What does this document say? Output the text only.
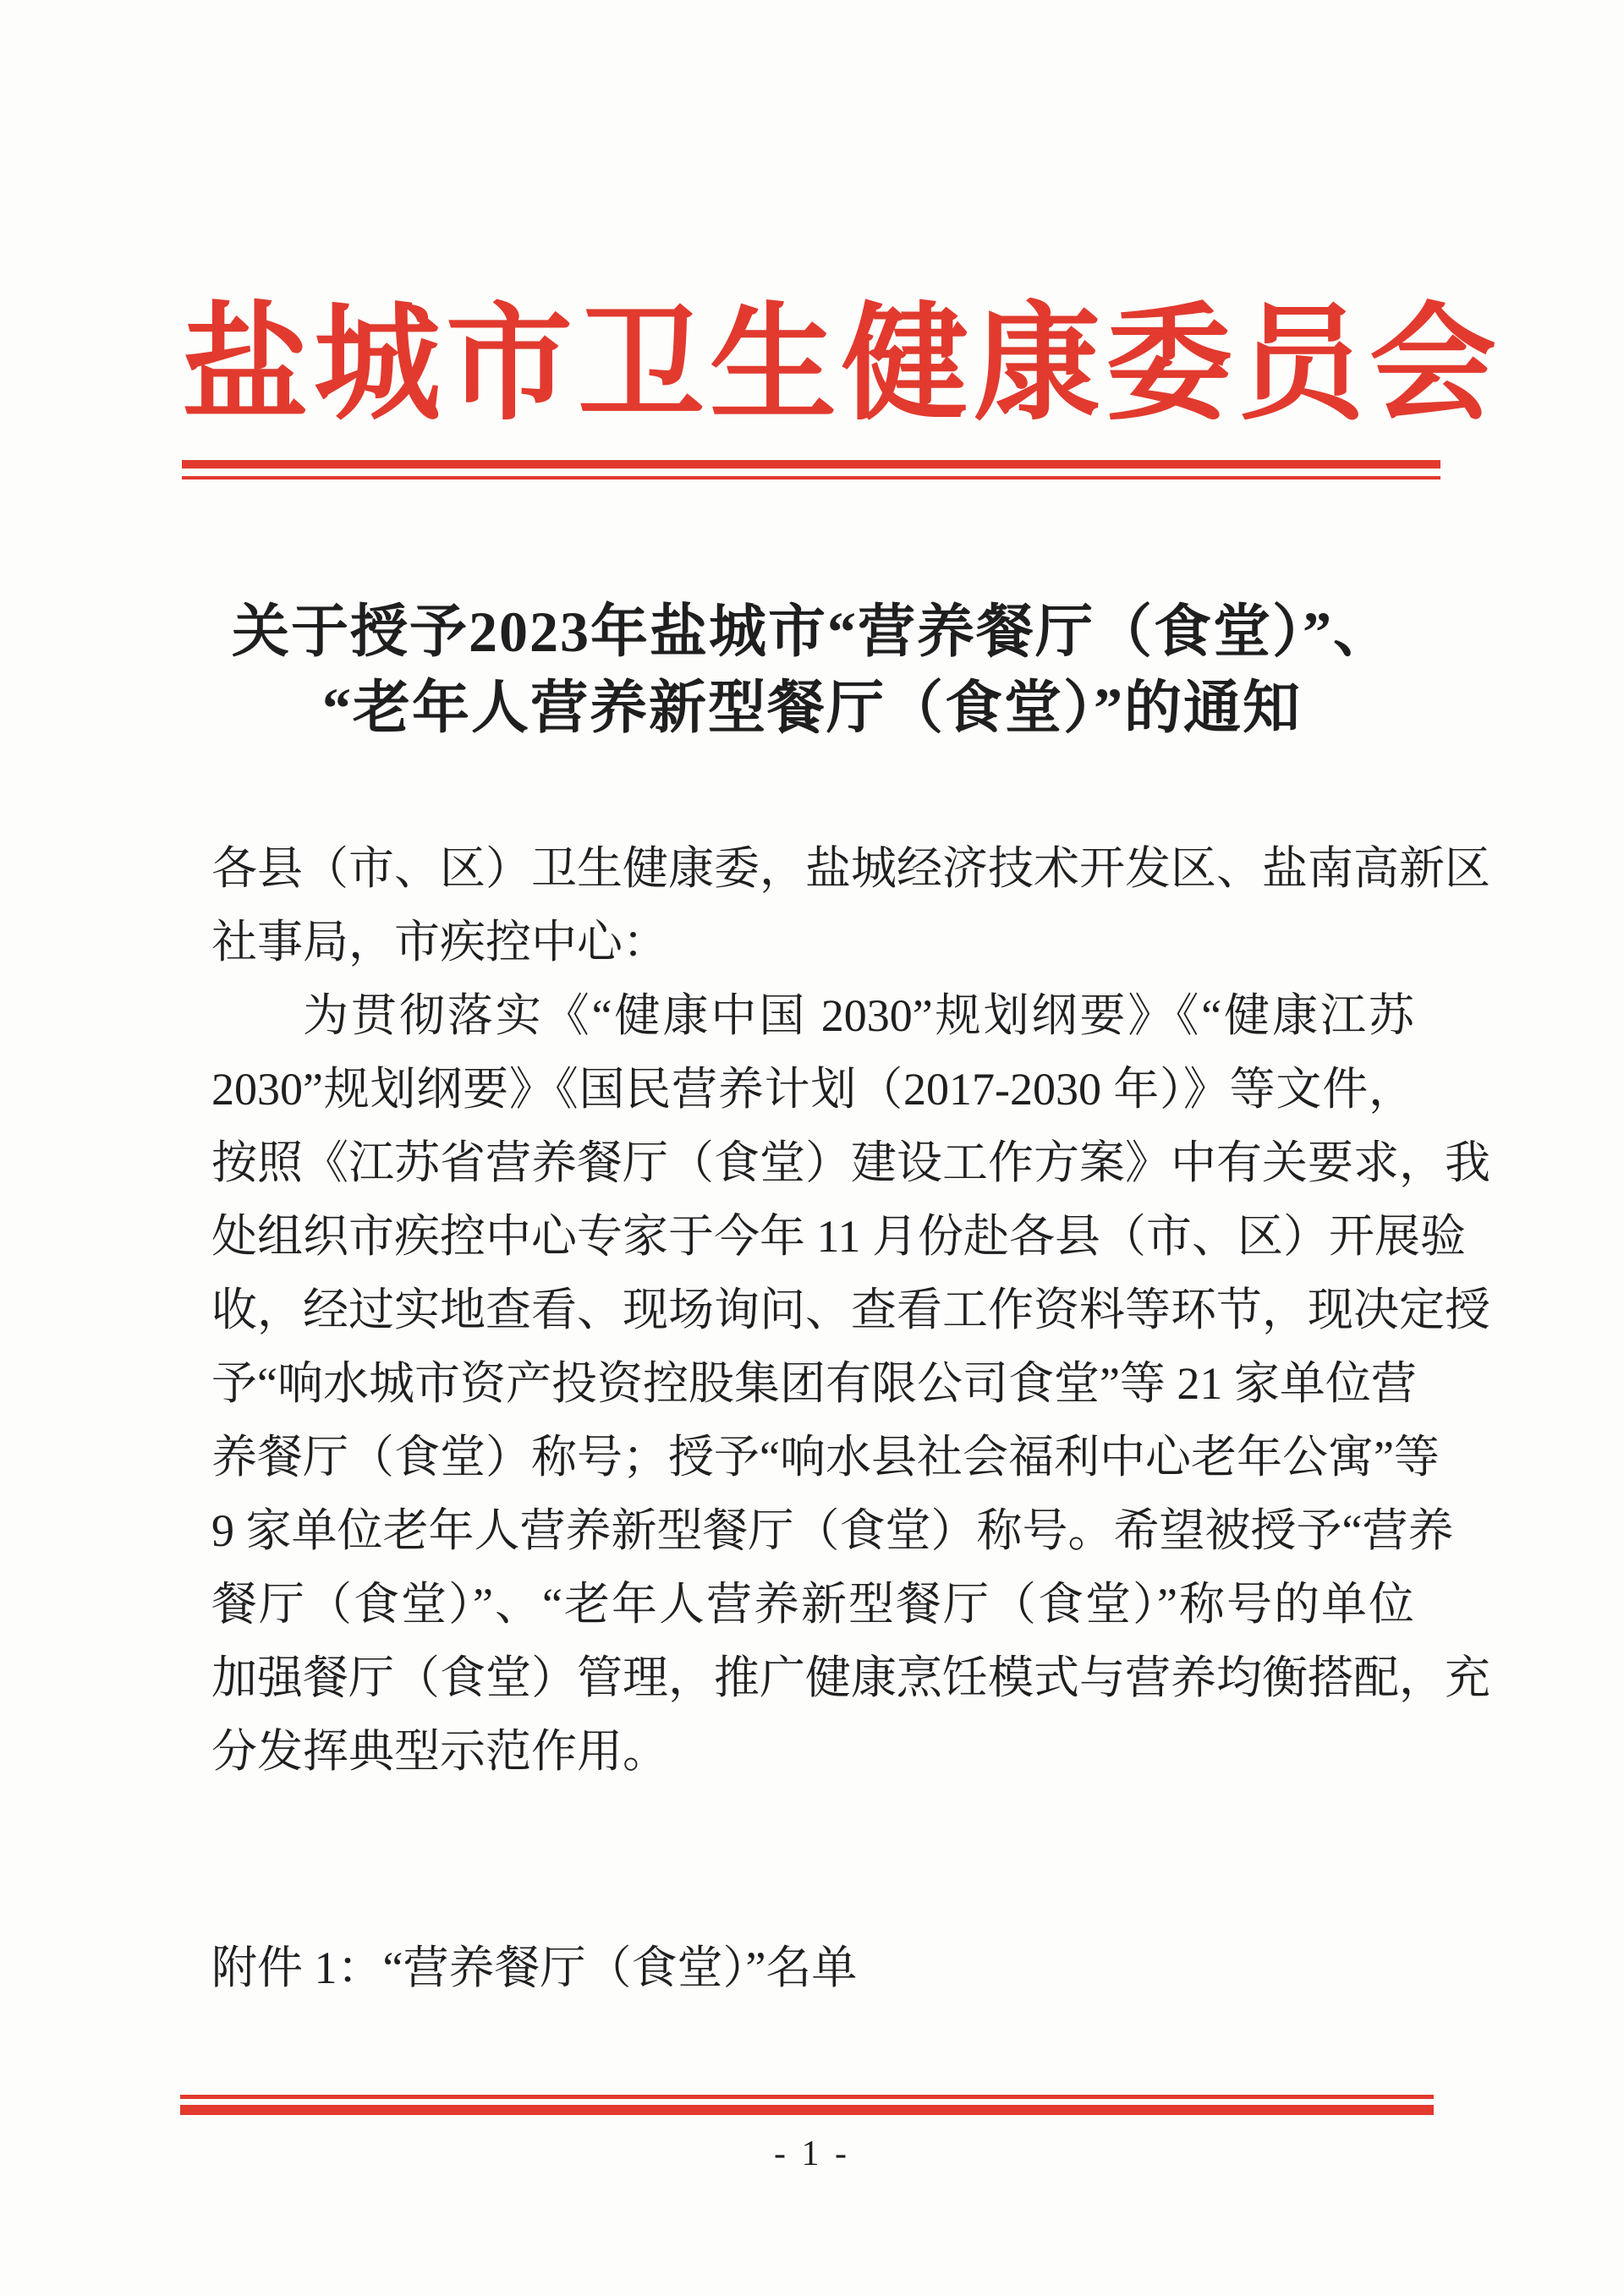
盐城市卫生健康委员会
关于授予2023年盐城市“营养餐厅（食堂）”、
“老年人营养新型餐厅（食堂）”的通知
各县（市、区）卫生健康委，盐城经济技术开发区、盐南高新区
社事局，市疾控中心：
为贯彻落实《“健康中国 2030”规划纲要》《“健康江苏
2030”规划纲要》《国民营养计划（2017-2030 年）》等文件，
按照《江苏省营养餐厅（食堂）建设工作方案》中有关要求，我
处组织市疾控中心专家于今年 11 月份赴各县（市、区）开展验
收，经过实地查看、现场询问、查看工作资料等环节，现决定授
予“响水城市资产投资控股集团有限公司食堂”等 21 家单位营
养餐厅（食堂）称号；授予“响水县社会福利中心老年公寓”等
9 家单位老年人营养新型餐厅（食堂）称号。希望被授予“营养
餐厅（食堂）”、“老年人营养新型餐厅（食堂）”称号的单位
加强餐厅（食堂）管理，推广健康烹饪模式与营养均衡搭配，充
分发挥典型示范作用。
附件 1：“营养餐厅（食堂）”名单
- 1 -
